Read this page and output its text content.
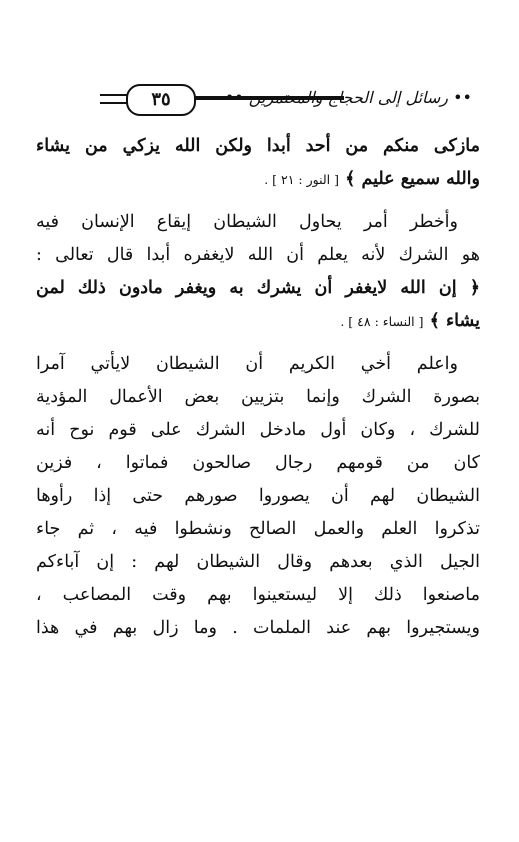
٣٥	•• رسائل إلى الحجاج والمعتمرين ••
مازكى منكم من أحد أبدا ولكن الله يزكي من يشاء
والله سميع عليم ﴾ [ النور : ٢١ ] .
وأخطر أمر يحاول الشيطان إيقاع الإنسان فيه
هو الشرك لأنه يعلم أن الله لايغفره أبدا قال تعالى :
﴿ إن الله لايغفر أن يشرك به ويغفر مادون ذلك لمن
يشاء ﴾ [ النساء : ٤٨ ] .
واعلم أخي الكريم أن الشيطان لايأتي آمرا
بصورة الشرك وإنما بتزيين بعض الأعمال المؤدية
للشرك ، وكان أول مادخل الشرك على قوم نوح أنه
كان من قومهم رجال صالحون فماتوا ، فزين
الشيطان لهم أن يصوروا صورهم حتى إذا رأوها
تذكروا العلم والعمل الصالح ونشطوا فيه ، ثم جاء
الجيل الذي بعدهم وقال الشيطان لهم : إن آباءكم
ماصنعوا ذلك إلا ليستعينوا بهم وقت المصاعب ،
ويستجيروا بهم عند الملمات . وما زال بهم في هذا
